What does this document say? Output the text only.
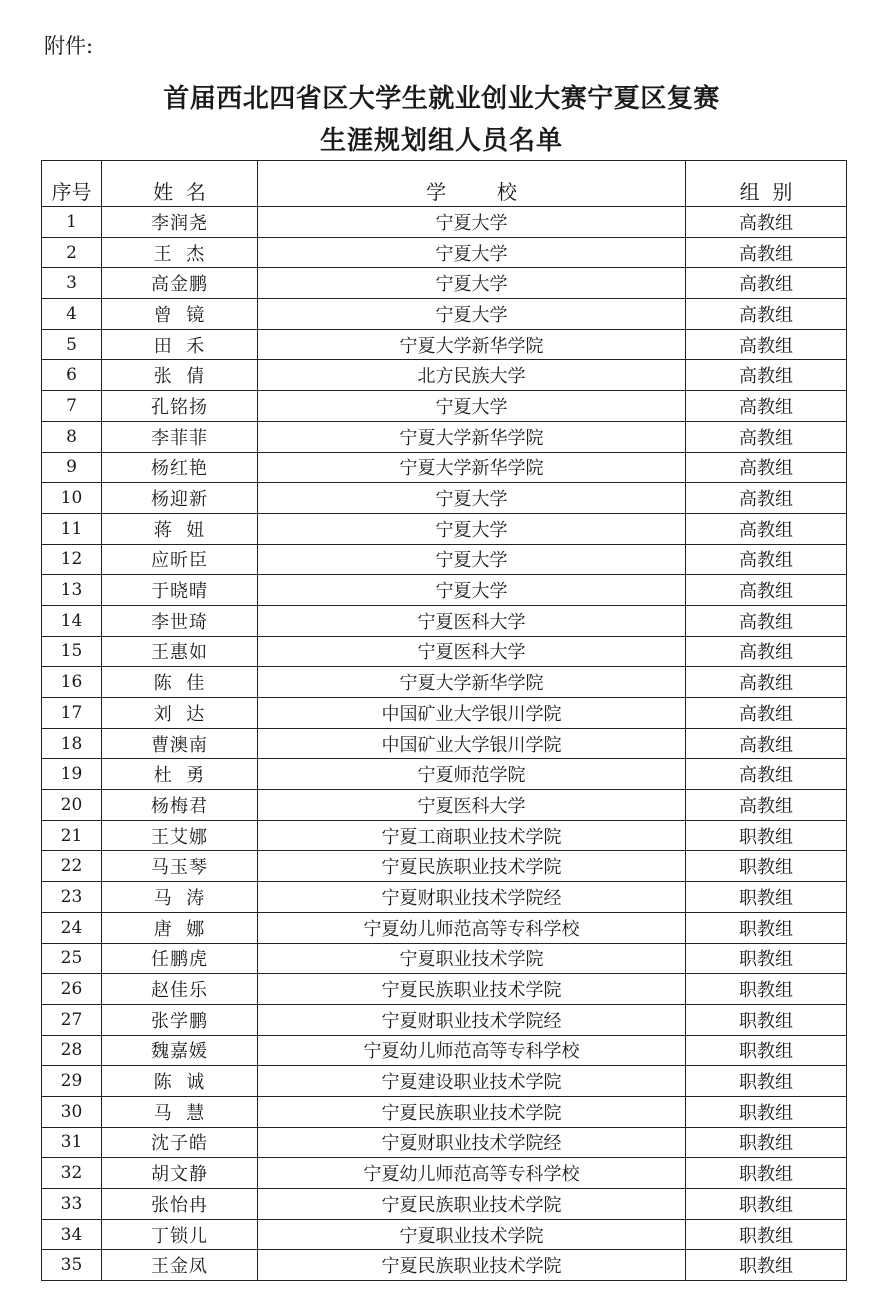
附件:
首届西北四省区大学生就业创业大赛宁夏区复赛
生涯规划组人员名单
序号	姓  名	学        校	组  别
1	李润尧	宁夏大学	高教组
2	王  杰	宁夏大学	高教组
3	高金鹏	宁夏大学	高教组
4	曾  镜	宁夏大学	高教组
5	田  禾	宁夏大学新华学院	高教组
6	张  倩	北方民族大学	高教组
7	孔铭扬	宁夏大学	高教组
8	李菲菲	宁夏大学新华学院	高教组
9	杨红艳	宁夏大学新华学院	高教组
10	杨迎新	宁夏大学	高教组
11	蒋  妞	宁夏大学	高教组
12	应昕臣	宁夏大学	高教组
13	于晓晴	宁夏大学	高教组
14	李世琦	宁夏医科大学	高教组
15	王惠如	宁夏医科大学	高教组
16	陈  佳	宁夏大学新华学院	高教组
17	刘  达	中国矿业大学银川学院	高教组
18	曹澳南	中国矿业大学银川学院	高教组
19	杜  勇	宁夏师范学院	高教组
20	杨梅君	宁夏医科大学	高教组
21	王艾娜	宁夏工商职业技术学院	职教组
22	马玉琴	宁夏民族职业技术学院	职教组
23	马  涛	宁夏财职业技术学院经	职教组
24	唐  娜	宁夏幼儿师范高等专科学校	职教组
25	任鹏虎	宁夏职业技术学院	职教组
26	赵佳乐	宁夏民族职业技术学院	职教组
27	张学鹏	宁夏财职业技术学院经	职教组
28	魏嘉媛	宁夏幼儿师范高等专科学校	职教组
29	陈  诚	宁夏建设职业技术学院	职教组
30	马  慧	宁夏民族职业技术学院	职教组
31	沈子皓	宁夏财职业技术学院经	职教组
32	胡文静	宁夏幼儿师范高等专科学校	职教组
33	张怡冉	宁夏民族职业技术学院	职教组
34	丁锁儿	宁夏职业技术学院	职教组
35	王金凤	宁夏民族职业技术学院	职教组
